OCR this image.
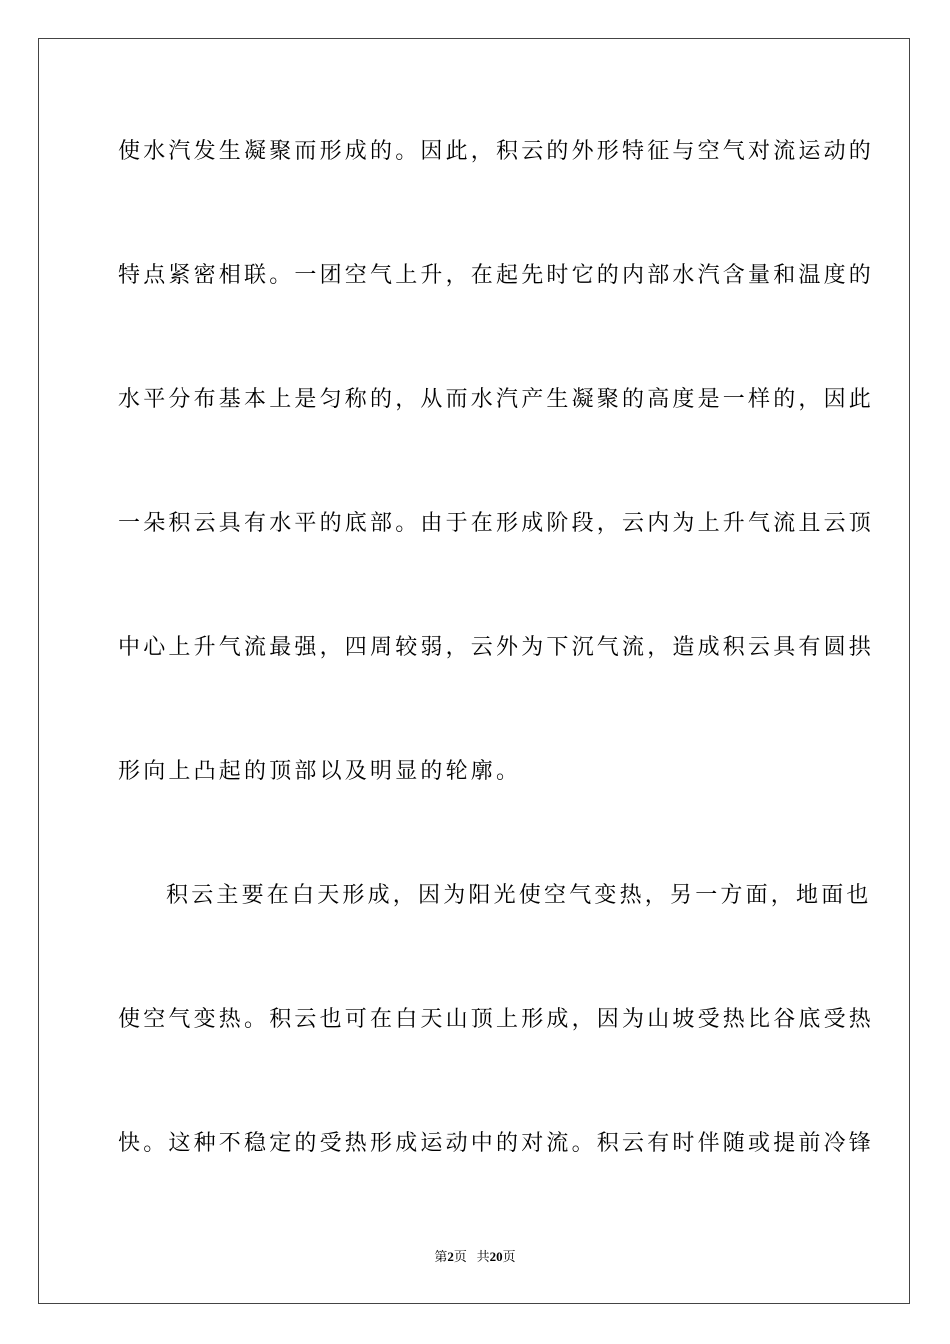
使水汽发生凝聚而形成的。因此，积云的外形特征与空气对流运动的
特点紧密相联。一团空气上升，在起先时它的内部水汽含量和温度的
水平分布基本上是匀称的，从而水汽产生凝聚的高度是一样的，因此
一朵积云具有水平的底部。由于在形成阶段，云内为上升气流且云顶
中心上升气流最强，四周较弱，云外为下沉气流，造成积云具有圆拱
形向上凸起的顶部以及明显的轮廓。
积云主要在白天形成，因为阳光使空气变热，另一方面，地面也
使空气变热。积云也可在白天山顶上形成，因为山坡受热比谷底受热
快。这种不稳定的受热形成运动中的对流。积云有时伴随或提前冷锋
第2页 共20页
